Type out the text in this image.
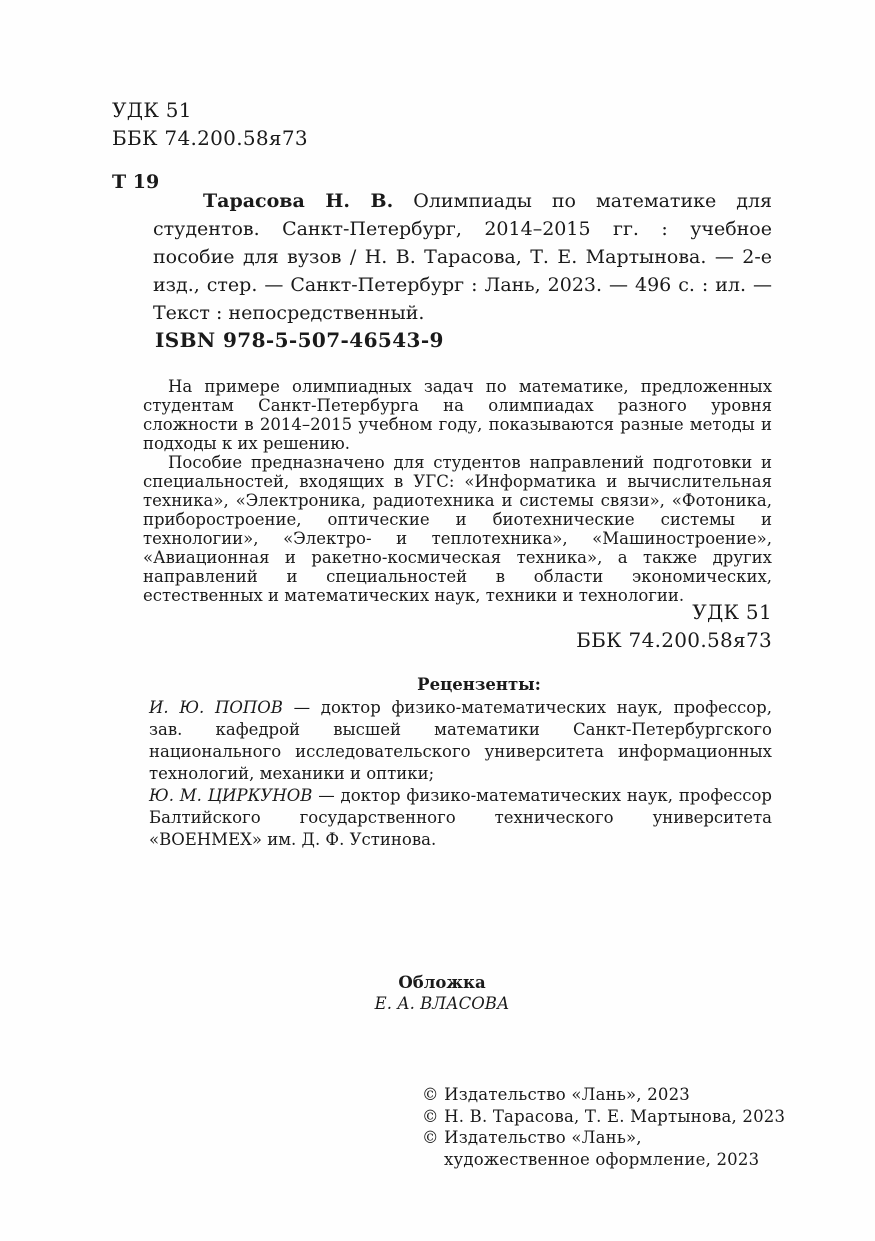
УДК 51
ББК 74.200.58я73
Т 19

Тарасова Н. В. Олимпиады по математике для студентов. Санкт-Петербург, 2014–2015 гг. : учебное пособие для вузов / Н. В. Тарасова, Т. Е. Мартынова. — 2-е изд., стер. — Санкт-Петербург : Лань, 2023. — 496 с. : ил. — Текст : непосредственный.

ISBN 978-5-507-46543-9

На примере олимпиадных задач по математике, предложенных студентам Санкт-Петербурга на олимпиадах разного уровня сложности в 2014–2015 учебном году, показываются разные методы и подходы к их решению.

Пособие предназначено для студентов направлений подготовки и специальностей, входящих в УГС: «Информатика и вычислительная техника», «Электроника, радиотехника и системы связи», «Фотоника, приборостроение, оптические и биотехнические системы и технологии», «Электро- и теплотехника», «Машиностроение», «Авиационная и ракетно-космическая техника», а также других направлений и специальностей в области экономических, естественных и математических наук, техники и технологии.

УДК 51
ББК 74.200.58я73
Рецензенты:

И. Ю. ПОПОВ — доктор физико-математических наук, профессор, зав. кафедрой высшей математики Санкт-Петербургского национального исследовательского университета информационных технологий, механики и оптики;

Ю. М. ЦИРКУНОВ — доктор физико-математических наук, профессор Балтийского государственного технического университета «ВОЕНМЕХ» им. Д. Ф. Устинова.

Обложка
Е. А. ВЛАСОВА
© Издательство «Лань», 2023
© Н. В. Тарасова, Т. Е. Мартынова, 2023
© Издательство «Лань»,
художественное оформление, 2023
